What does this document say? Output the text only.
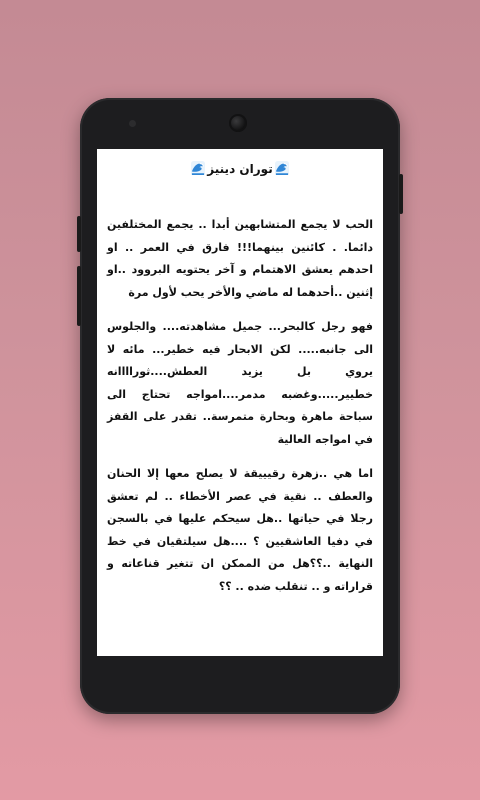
توران دينيز

الحب لا يجمع المتشابهين أبدا .. يجمع المختلفين دائما. . كائنين بينهما!!! فارق في العمر .. او احدهم يعشق الاهتمام و آخر يحتويه البروود ..او إثنين ..أحدهما له ماضي والأخر يحب لأول مرة

فهو رجل كالبحر... جميل مشاهدته.... والجلوس الى جانبه..... لكن الابحار فيه خطير... مائه لا يروي بل يزيد العطش....ثوراااانه خطيير.....وغضبه مدمر....امواجه تحتاج الى سباحة ماهرة وبحارة متمرسة.. تقدر على القفز في امواجه العالية

اما هي ..زهرة رقيييقة لا يصلح معها إلا الحنان والعطف .. نقية في عصر الأخطاء .. لم تعشق رجلا في حياتها ..هل سيحكم عليها في بالسجن في دفيا العاشقيين ؟ ....هل سيلتقيان في خط النهاية ..؟؟هل من الممكن ان تتغير قناعاته و قراراته و .. تنقلب ضده .. ؟؟
